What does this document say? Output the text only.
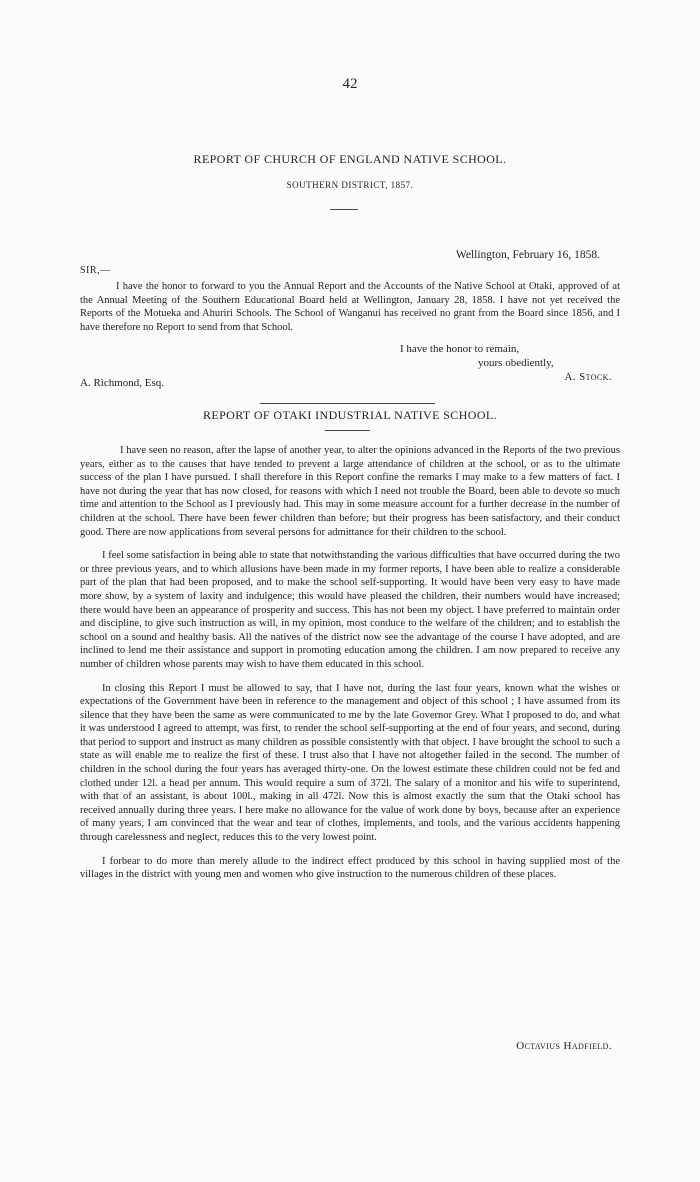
42
REPORT OF CHURCH OF ENGLAND NATIVE SCHOOL.
SOUTHERN DISTRICT, 1857.
Wellington, February 16, 1858.
SIR,—

I have the honor to forward to you the Annual Report and the Accounts of the Native School at Otaki, approved of at the Annual Meeting of the Southern Educational Board held at Wellington, January 28, 1858. I have not yet received the Reports of the Motueka and Ahuriri Schools. The School of Wanganui has received no grant from the Board since 1856, and I have therefore no Report to send from that School.

I have the honor to remain,
yours obediently,
A. Stock.
A. Richmond, Esq.
REPORT OF OTAKI INDUSTRIAL NATIVE SCHOOL.

I have seen no reason, after the lapse of another year, to alter the opinions advanced in the Reports of the two previous years, either as to the causes that have tended to prevent a large attendance of children at the school, or as to the ultimate success of the plan I have pursued. I shall therefore in this Report confine the remarks I may make to a few matters of fact. I have not during the year that has now closed, for reasons with which I need not trouble the Board, been able to devote so much time and attention to the School as I previously had. This may in some measure account for a further decrease in the number of children at the school. There have been fewer children than before; but their progress has been satisfactory, and their conduct good. There are now applications from several persons for admittance for their children to the school.

I feel some satisfaction in being able to state that notwithstanding the various difficulties that have occurred during the two or three previous years, and to which allusions have been made in my former reports, I have been able to realize a considerable part of the plan that had been proposed, and to make the school self-supporting. It would have been very easy to have made more show, by a system of laxity and indulgence; this would have pleased the children, their numbers would have increased; there would have been an appearance of prosperity and success. This has not been my object. I have preferred to maintain order and discipline, to give such instruction as will, in my opinion, most conduce to the welfare of the children; and to establish the school on a sound and healthy basis. All the natives of the district now see the advantage of the course I have adopted, and are inclined to lend me their assistance and support in promoting education among the children. I am now prepared to receive any number of children whose parents may wish to have them educated in this school.

In closing this Report I must be allowed to say, that I have not, during the last four years, known what the wishes or expectations of the Government have been in reference to the management and object of this school ; I have assumed from its silence that they have been the same as were communicated to me by the late Governor Grey. What I proposed to do, and what it was understood I agreed to attempt, was first, to render the school self-supporting at the end of four years, and second, during that period to support and instruct as many children as possible consistently with that object. I have brought the school to such a state as will enable me to realize the first of these. I trust also that I have not altogether failed in the second. The number of children in the school during the four years has averaged thirty-one. On the lowest estimate these children could not be fed and clothed under 12l. a head per annum. This would require a sum of 372l. The salary of a monitor and his wife to superintend, with that of an assistant, is about 100l., making in all 472l. Now this is almost exactly the sum that the Otaki school has received annually during three years. I here make no allowance for the value of work done by boys, because after an experience of many years, I am convinced that the wear and tear of clothes, implements, and tools, and the various accidents happening through carelessness and neglect, reduces this to the very lowest point.

I forbear to do more than merely allude to the indirect effect produced by this school in having supplied most of the villages in the district with young men and women who give instruction to the numerous children of these places.

Octavius Hadfield.
